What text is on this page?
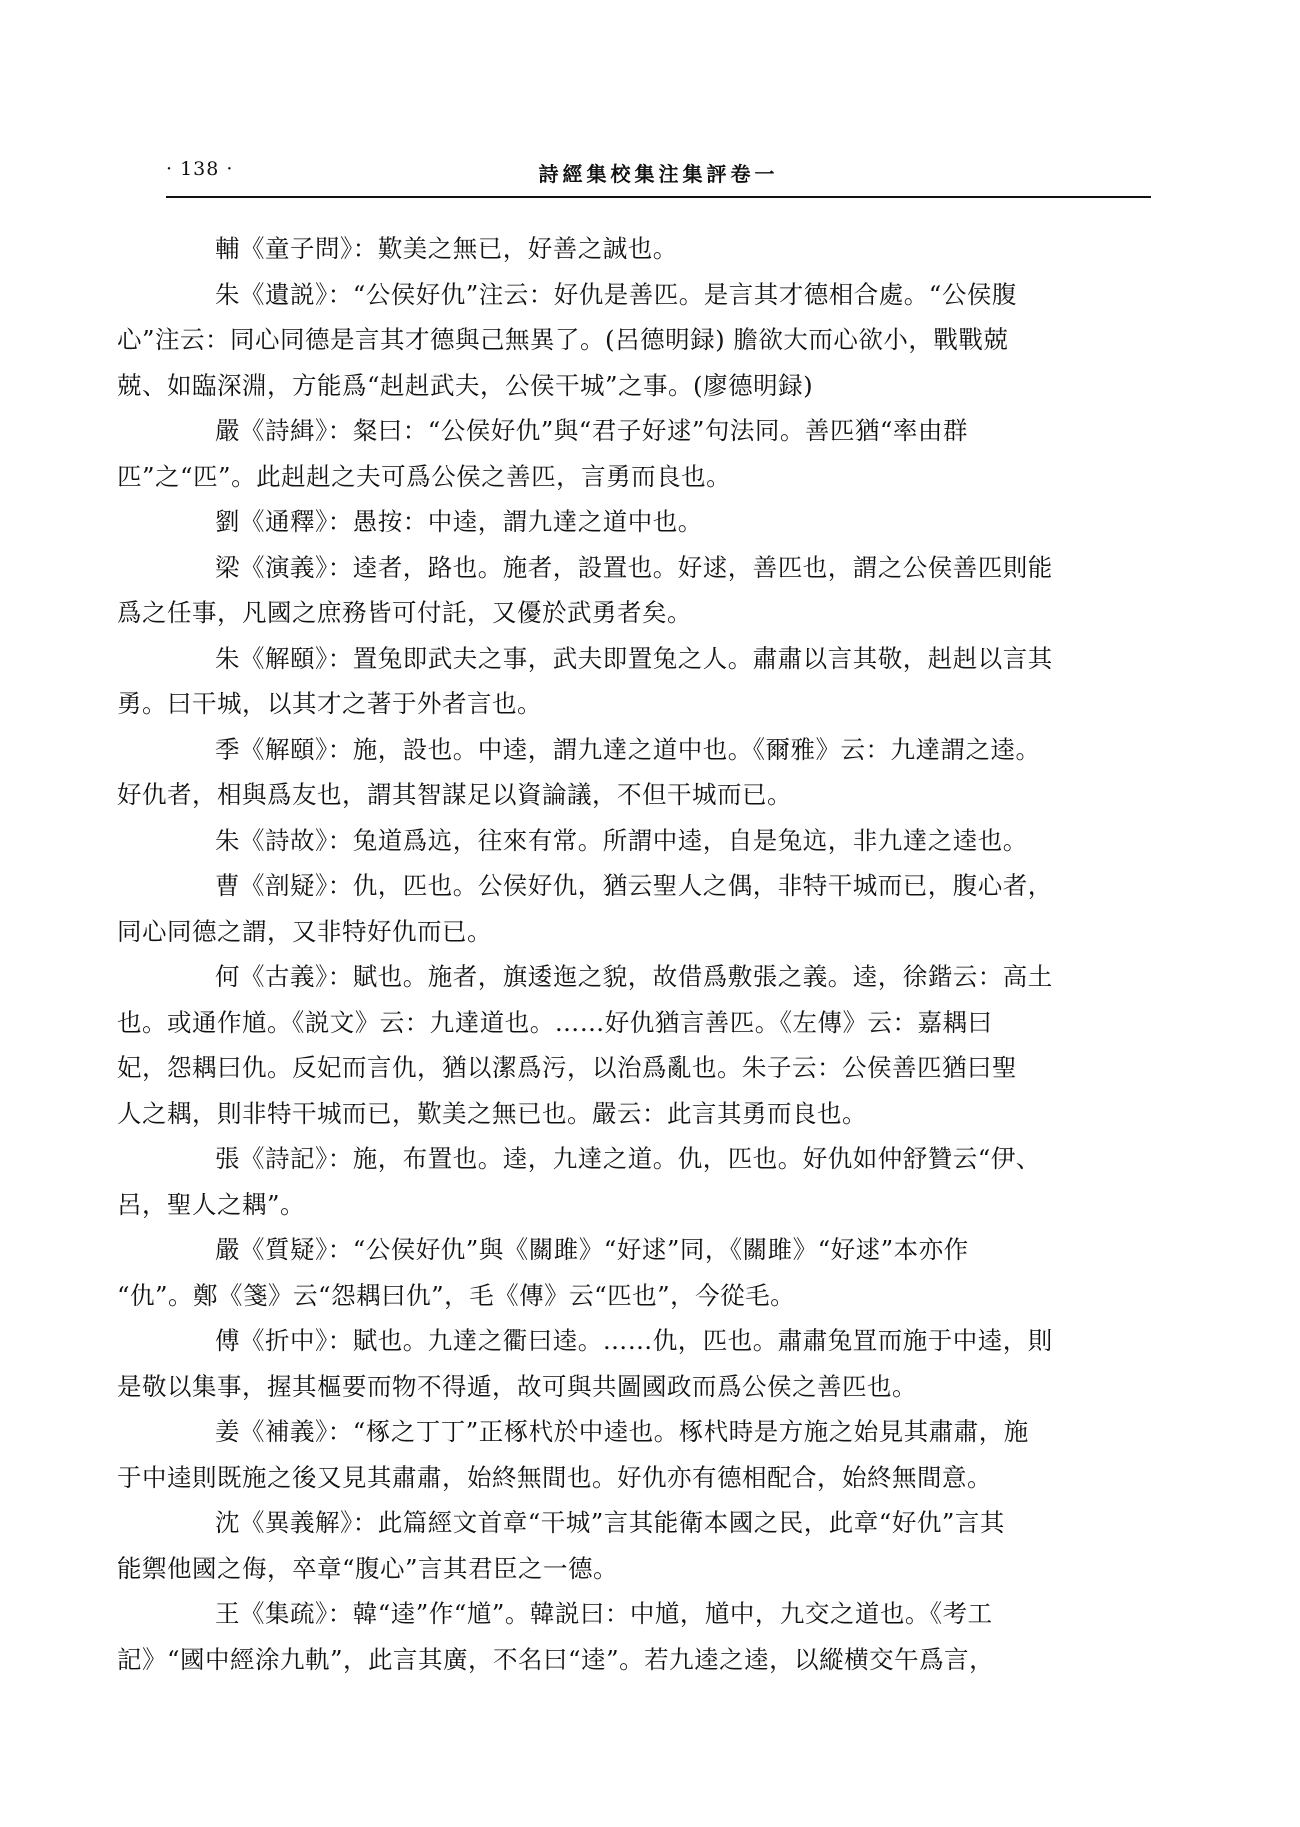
· 138 ·	詩經集校集注集評卷一

輔《童子問》：歎美之無已，好善之誠也。

朱《遺説》：“公侯好仇”注云：好仇是善匹。是言其才德相合處。“公侯腹
心”注云：同心同德是言其才德與己無異了。(呂德明録) 膽欲大而心欲小，戰戰兢
兢、如臨深淵，方能爲“赳赳武夫，公侯干城”之事。(廖德明録)

嚴《詩緝》：粲曰：“公侯好仇”與“君子好逑”句法同。善匹猶“率由群
匹”之“匹”。此赳赳之夫可爲公侯之善匹，言勇而良也。

劉《通釋》：愚按：中逵，謂九達之道中也。

梁《演義》：逵者，路也。施者，設置也。好逑，善匹也，謂之公侯善匹則能
爲之任事，凡國之庶務皆可付託，又優於武勇者矣。

朱《解頤》：置兔即武夫之事，武夫即置兔之人。肅肅以言其敬，赳赳以言其
勇。曰干城，以其才之著于外者言也。

季《解頤》：施，設也。中逵，謂九達之道中也。《爾雅》云：九達謂之逵。
好仇者，相與爲友也，謂其智謀足以資論議，不但干城而已。

朱《詩故》：兔道爲迒，往來有常。所謂中逵，自是兔迒，非九達之逵也。

曹《剖疑》：仇，匹也。公侯好仇，猶云聖人之偶，非特干城而已，腹心者，
同心同德之謂，又非特好仇而已。

何《古義》：賦也。施者，旗逶迤之貌，故借爲敷張之義。逵，徐鍇云：高土
也。或通作馗。《説文》云：九達道也。……好仇猶言善匹。《左傳》云：嘉耦曰
妃，怨耦曰仇。反妃而言仇，猶以潔爲污，以治爲亂也。朱子云：公侯善匹猶曰聖
人之耦，則非特干城而已，歎美之無已也。嚴云：此言其勇而良也。

張《詩記》：施，布置也。逵，九達之道。仇，匹也。好仇如仲舒贊云“伊、
呂，聖人之耦”。

嚴《質疑》：“公侯好仇”與《關雎》“好逑”同，《關雎》“好逑”本亦作
“仇”。鄭《箋》云“怨耦曰仇”，毛《傳》云“匹也”，今從毛。

傅《折中》：賦也。九達之衢曰逵。……仇，匹也。肅肅兔罝而施于中逵，則
是敬以集事，握其樞要而物不得遁，故可與共圖國政而爲公侯之善匹也。

姜《補義》：“椓之丁丁”正椓杙於中逵也。椓杙時是方施之始見其肅肅，施
于中逵則既施之後又見其肅肅，始終無間也。好仇亦有德相配合，始終無間意。

沈《異義解》：此篇經文首章“干城”言其能衛本國之民，此章“好仇”言其
能禦他國之侮，卒章“腹心”言其君臣之一德。

王《集疏》：韓“逵”作“馗”。韓説曰：中馗，馗中，九交之道也。《考工
記》“國中經涂九軌”，此言其廣，不名曰“逵”。若九逵之逵，以縱横交午爲言，
